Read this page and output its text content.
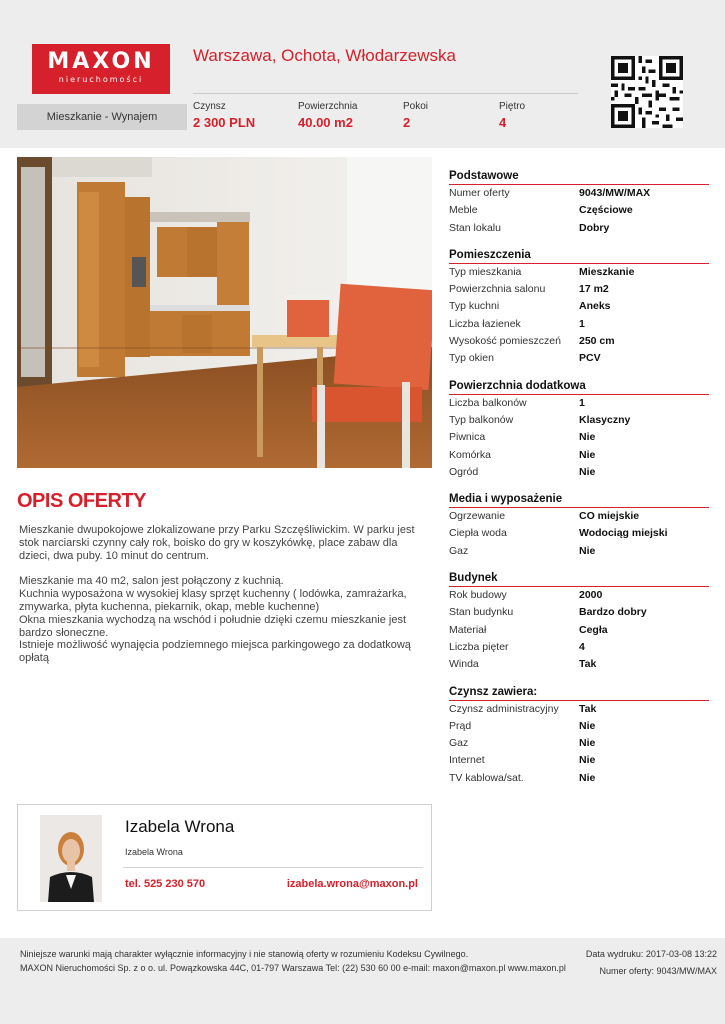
MAXON
nieruchomości
Warszawa, Ochota, Włodarzewska
Mieszkanie - Wynajem
Czynsz
2 300 PLN
Powierzchnia
40.00 m2
Pokoi
2
Piętro
4
Podstawowe
Numer oferty	9043/MW/MAX
Meble	Częściowe
Stan lokalu	Dobry
Pomieszczenia
Typ mieszkania	Mieszkanie
Powierzchnia salonu	17 m2
Typ kuchni	Aneks
Liczba łazienek	1
Wysokość pomieszczeń 250 cm
Typ okien	PCV
Powierzchnia dodatkowa
Liczba balkonów	1
Typ balkonów	Klasyczny
Piwnica	Nie
Komórka	Nie
Ogród	Nie
Media i wyposażenie
Ogrzewanie	CO miejskie
Ciepła woda	Wodociąg miejski
Gaz	Nie
Budynek
Rok budowy	2000
Stan budynku	Bardzo dobry
Materiał	Cegła
Liczba pięter	4
Winda	Tak
Czynsz zawiera:
Czynsz administracyjny Tak
Prąd	Nie
Gaz	Nie
Internet	Nie
TV kablowa/sat.	Nie
OPIS OFERTY

Mieszkanie dwupokojowe zlokalizowane przy Parku Szczęśliwickim. W parku jest stok narciarski czynny cały rok, boisko do gry w koszykówkę, place zabaw dla dzieci, dwa puby. 10 minut do centrum.

Mieszkanie ma 40 m2, salon jest połączony z kuchnią.
Kuchnia wyposażona w wysokiej klasy sprzęt kuchenny ( lodówka, zamrażarka, zmywarka, płyta kuchenna, piekarnik, okap, meble kuchenne)
Okna mieszkania wychodzą na wschód i południe dzięki czemu mieszkanie jest bardzo słoneczne.
Istnieje możliwość wynajęcia podziemnego miejsca parkingowego za dodatkową opłatą

Izabela Wrona
Izabela Wrona
tel. 525 230 570	izabela.wrona@maxon.pl
Niniejsze warunki mają charakter wyłącznie informacyjny i nie stanowią oferty w rozumieniu Kodeksu Cywilnego.
MAXON Nieruchomości Sp. z o o. ul. Powązkowska 44C, 01-797 Warszawa Tel: (22) 530 60 00 e-mail: maxon@maxon.pl www.maxon.pl
Data wydruku: 2017-03-08 13:22
Numer oferty: 9043/MW/MAX
